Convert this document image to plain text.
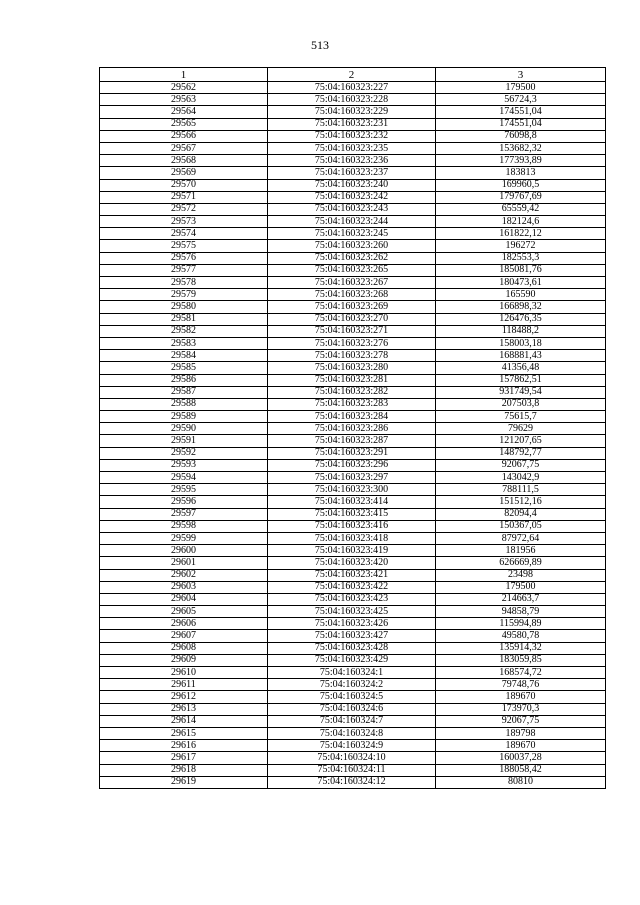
513
1	2	3
29562	75:04:160323:227	179500
29563	75:04:160323:228	56724,3
29564	75:04:160323:229	174551,04
29565	75:04:160323:231	174551,04
29566	75:04:160323:232	76098,8
29567	75:04:160323:235	153682,32
29568	75:04:160323:236	177393,89
29569	75:04:160323:237	183813
29570	75:04:160323:240	169960,5
29571	75:04:160323:242	179767,69
29572	75:04:160323:243	65559,42
29573	75:04:160323:244	182124,6
29574	75:04:160323:245	161822,12
29575	75:04:160323:260	196272
29576	75:04:160323:262	182553,3
29577	75:04:160323:265	185081,76
29578	75:04:160323:267	180473,61
29579	75:04:160323:268	165590
29580	75:04:160323:269	166898,32
29581	75:04:160323:270	126476,35
29582	75:04:160323:271	118488,2
29583	75:04:160323:276	158003,18
29584	75:04:160323:278	168881,43
29585	75:04:160323:280	41356,48
29586	75:04:160323:281	157862,51
29587	75:04:160323:282	931749,54
29588	75:04:160323:283	207503,8
29589	75:04:160323:284	75615,7
29590	75:04:160323:286	79629
29591	75:04:160323:287	121207,65
29592	75:04:160323:291	148792,77
29593	75:04:160323:296	92067,75
29594	75:04:160323:297	143042,9
29595	75:04:160323:300	788111,5
29596	75:04:160323:414	151512,16
29597	75:04:160323:415	82094,4
29598	75:04:160323:416	150367,05
29599	75:04:160323:418	87972,64
29600	75:04:160323:419	181956
29601	75:04:160323:420	626669,89
29602	75:04:160323:421	23498
29603	75:04:160323:422	179500
29604	75:04:160323:423	214663,7
29605	75:04:160323:425	94858,79
29606	75:04:160323:426	115994,89
29607	75:04:160323:427	49580,78
29608	75:04:160323:428	135914,32
29609	75:04:160323:429	183059,85
29610	75:04:160324:1	168574,72
29611	75:04:160324:2	79748,76
29612	75:04:160324:5	189670
29613	75:04:160324:6	173970,3
29614	75:04:160324:7	92067,75
29615	75:04:160324:8	189798
29616	75:04:160324:9	189670
29617	75:04:160324:10	160037,28
29618	75:04:160324:11	188058,42
29619	75:04:160324:12	80810
